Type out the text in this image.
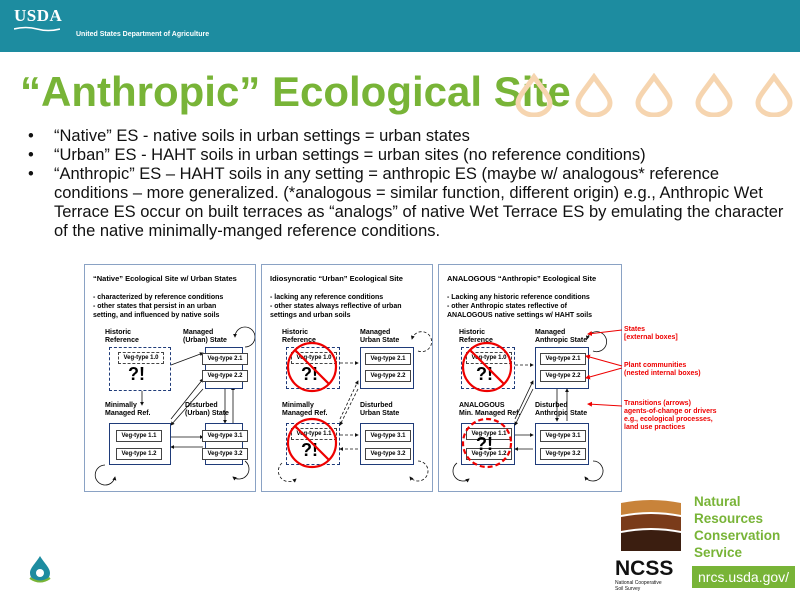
USDA
United States Department of Agriculture
“Anthropic” Ecological Site
• “Native” ES - native soils in urban settings = urban states
• “Urban” ES - HAHT soils in urban settings = urban sites (no reference conditions)
• “Anthropic” ES – HAHT soils in any setting = anthropic ES (maybe w/ analogous* reference conditions – more generalized. (*analogous = similar function, different origin) e.g., Anthropic Wet Terrace ES occur on built terraces as “analogs” of native Wet Terrace ES by emulating the character of the native minimally-manged reference conditions.
“Native” Ecological Site w/ Urban States
- characterized by reference conditions
- other states that persist in an urban
setting, and influenced by native soils
Historic
Reference
Managed
(Urban) State
Veg-type 1.0
?!
Veg-type 2.1
Veg-type 2.2
Minimally
Managed Ref.
Disturbed
(Urban) State
Veg-type 1.1
Veg-type 1.2
Veg-type 3.1
Veg-type 3.2
Idiosyncratic “Urban” Ecological Site
- lacking any reference conditions
- other states always reflective of urban
settings and urban soils
Historic
Reference
Managed
Urban State
Veg-type 1.0
?!
Veg-type 2.1
Veg-type 2.2
Minimally
Managed Ref.
Disturbed
Urban State
Veg-type 1.1
?!
Veg-type 3.1
Veg-type 3.2
ANALOGOUS “Anthropic” Ecological Site
- Lacking any historic reference conditions
- other Anthropic states reflective of
ANALOGOUS native settings w/ HAHT soils
Historic
Reference
Managed
Anthropic State
Veg-type 1.0
?!
Veg-type 2.1
Veg-type 2.2
ANALOGOUS
Min. Managed Ref.
Disturbed
Anthropic State
Veg-type 1.1
Veg-type 1.2
?!	Veg-type 3.1
Veg-type 3.2
States
[external boxes]
Plant communities
(nested internal boxes)
Transitions (arrows)
agents-of-change or drivers
e.g., ecological processes,
land use practices
NCSS
National Cooperative
Soil Survey
Natural
Resources
Conservation
Service
nrcs.usda.gov/
